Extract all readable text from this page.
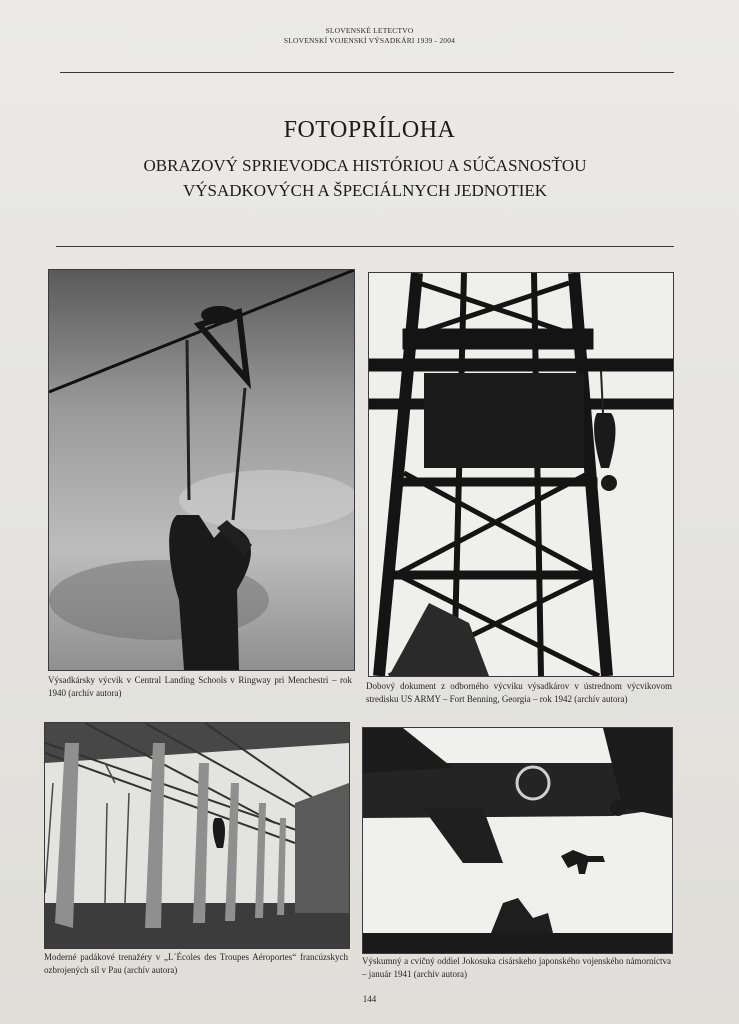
SLOVENSKÉ LETECTVO
SLOVENSKÍ VOJENSKÍ VÝSADKÁRI 1939 - 2004
FOTOPRÍLOHA
OBRAZOVÝ SPRIEVODCA HISTÓRIOU A SÚČASNOSŤOU
VÝSADKOVÝCH A ŠPECIÁLNYCH JEDNOTIEK
Výsadkársky výcvik v Central Landing Schools v Ringway pri Menchestri – rok 1940 (archív autora)
Dobový dokument z odborného výcviku výsadkárov v ústrednom výcvikovom stredisku US ARMY – Fort Benning, Georgia – rok 1942 (archív autora)
Moderné padákové trenažéry v „L´Écoles des Troupes Aéroportes“ francúzskych ozbrojených síl v Pau (archív autora)
Výskumný a cvičný oddiel Jokosuka cisárskeho japonského vojenského námorníctva – január 1941 (archív autora)
144
